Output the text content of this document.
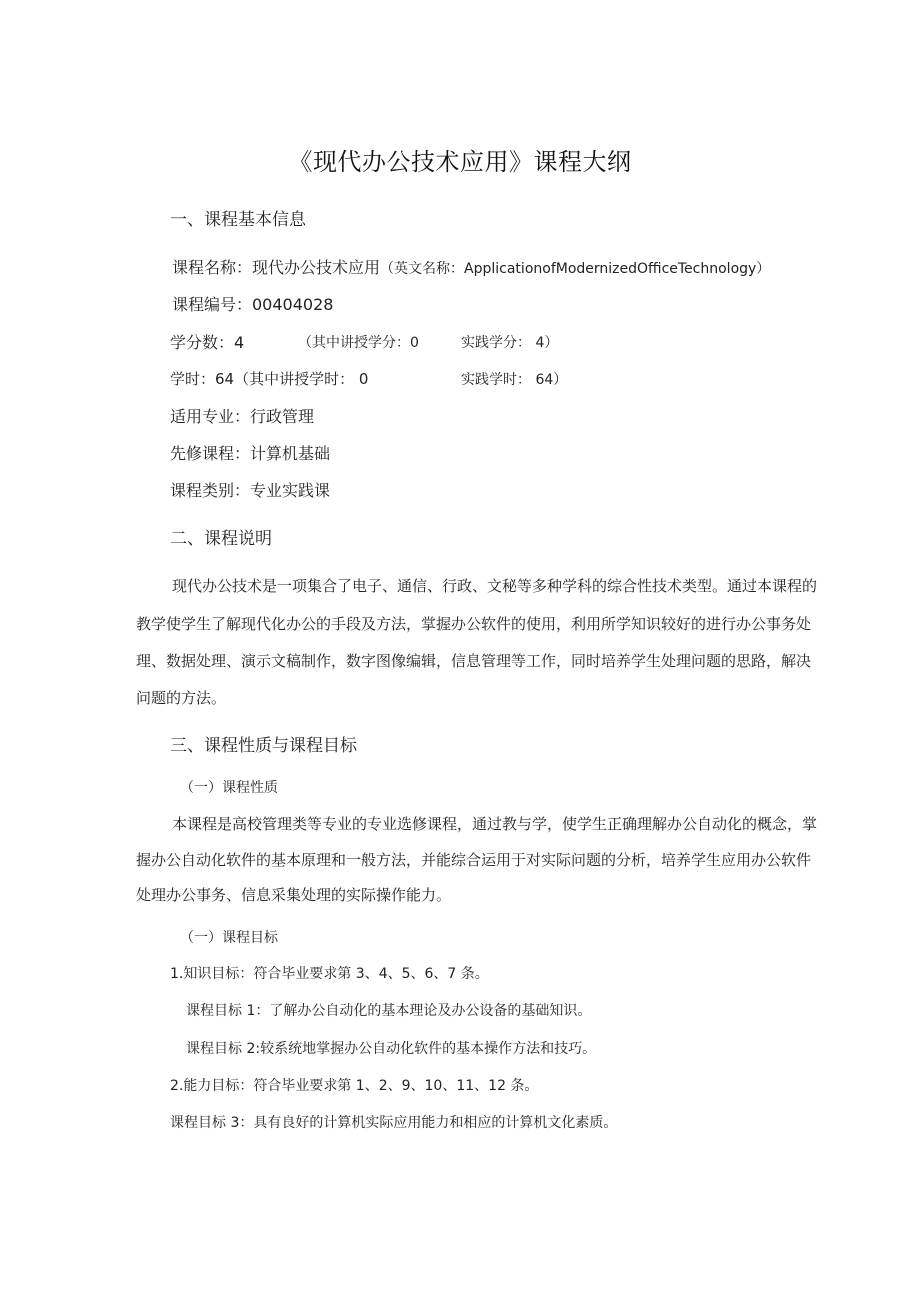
《现代办公技术应用》课程大纲
一、课程基本信息
课程名称：现代办公技术应用（英文名称：ApplicationofModernizedOfficeTechnology）
课程编号：00404028
学分数：4	（其中讲授学分：0	实践学分： 4）
学时：64（其中讲授学时： 0	实践学时： 64）
适用专业：行政管理
先修课程：计算机基础
课程类别：专业实践课
二、课程说明
现代办公技术是一项集合了电子、通信、行政、文秘等多种学科的综合性技术类型。通过本课程的
教学使学生了解现代化办公的手段及方法，掌握办公软件的使用，利用所学知识较好的进行办公事务处
理、数据处理、演示文稿制作，数字图像编辑，信息管理等工作，同时培养学生处理问题的思路，解决
问题的方法。
三、课程性质与课程目标
（一）课程性质
本课程是高校管理类等专业的专业选修课程，通过教与学，使学生正确理解办公自动化的概念，掌
握办公自动化软件的基本原理和一般方法，并能综合运用于对实际问题的分析，培养学生应用办公软件
处理办公事务、信息采集处理的实际操作能力。
（一）课程目标
1.知识目标：符合毕业要求第 3、4、5、6、7 条。
课程目标 1：了解办公自动化的基本理论及办公设备的基础知识。
课程目标 2:较系统地掌握办公自动化软件的基本操作方法和技巧。
2.能力目标：符合毕业要求第 1、2、9、10、11、12 条。
课程目标 3：具有良好的计算机实际应用能力和相应的计算机文化素质。
